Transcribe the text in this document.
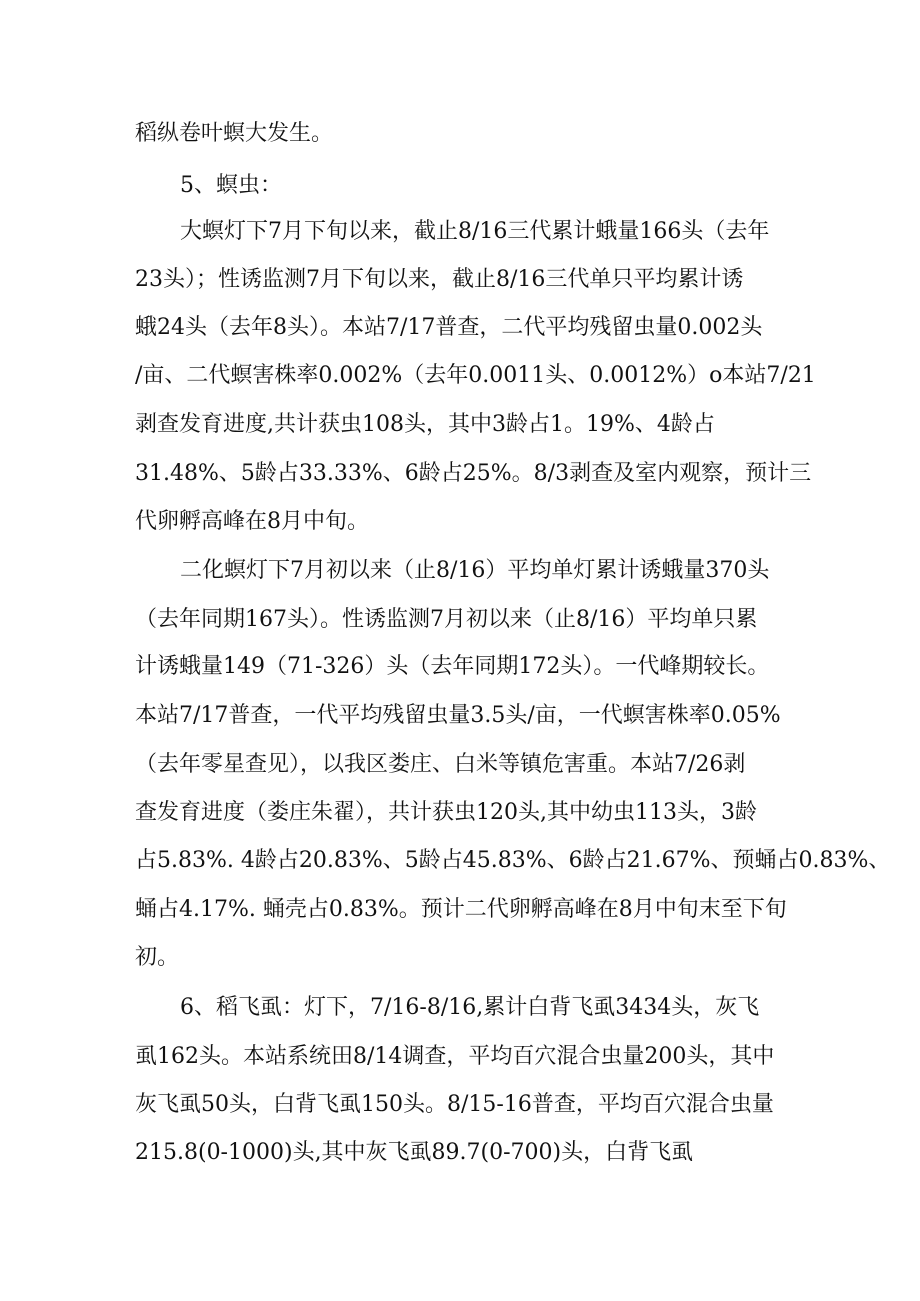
稻纵卷叶螟大发生。
5、螟虫：
大螟灯下7月下旬以来，截止8/16三代累计蛾量166头（去年
23头）；性诱监测7月下旬以来，截止8/16三代单只平均累计诱
蛾24头（去年8头）。本站7/17普查，二代平均残留虫量0.002头
/亩、二代螟害株率0.002%（去年0.0011头、0.0012%）o本站7/21
剥查发育进度,共计获虫108头，其中3龄占1。19%、4龄占
31.48%、5龄占33.33%、6龄占25%。8/3剥查及室内观察，预计三
代卵孵高峰在8月中旬。
二化螟灯下7月初以来（止8/16）平均单灯累计诱蛾量370头
（去年同期167头）。性诱监测7月初以来（止8/16）平均单只累
计诱蛾量149（71-326）头（去年同期172头）。一代峰期较长。
本站7/17普查，一代平均残留虫量3.5头/亩，一代螟害株率0.05%
（去年零星查见），以我区娄庄、白米等镇危害重。本站7/26剥
查发育进度（娄庄朱翟），共计获虫120头,其中幼虫113头，3龄
占5.83%. 4龄占20.83%、5龄占45.83%、6龄占21.67%、预蛹占0.83%、
蛹占4.17%. 蛹壳占0.83%。预计二代卵孵高峰在8月中旬末至下旬
初。
6、稻飞虱：灯下，7/16-8/16,累计白背飞虱3434头，灰飞
虱162头。本站系统田8/14调查，平均百穴混合虫量200头，其中
灰飞虱50头，白背飞虱150头。8/15-16普查，平均百穴混合虫量
215.8(0-1000)头,其中灰飞虱89.7(0-700)头，白背飞虱
